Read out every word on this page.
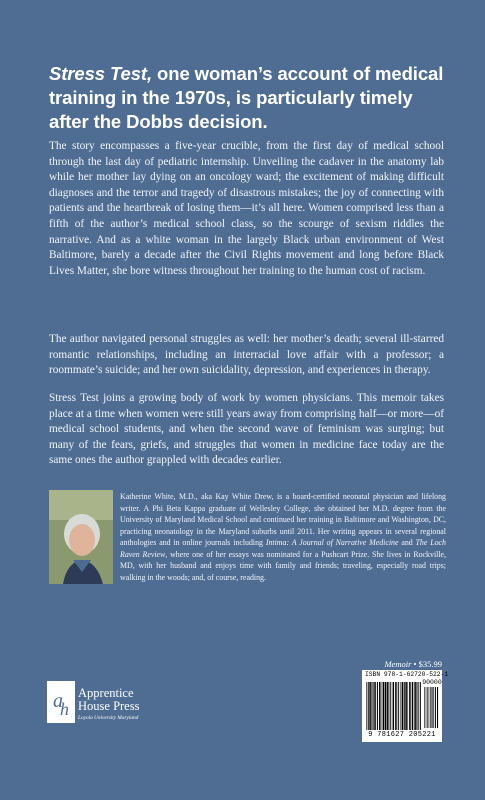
Stress Test, one woman’s account of medical training in the 1970s, is particularly timely after the Dobbs decision.

The story encompasses a five-year crucible, from the first day of medical school through the last day of pediatric internship. Unveiling the cadaver in the anatomy lab while her mother lay dying on an oncology ward; the excitement of making difficult diagnoses and the terror and tragedy of disastrous mistakes; the joy of connecting with patients and the heartbreak of losing them—it’s all here. Women comprised less than a fifth of the author’s medical school class, so the scourge of sexism riddles the narrative. And as a white woman in the largely Black urban environment of West Baltimore, barely a decade after the Civil Rights movement and long before Black Lives Matter, she bore witness throughout her training to the human cost of racism.

The author navigated personal struggles as well: her mother’s death; several ill-starred romantic relationships, including an interracial love affair with a professor; a roommate’s suicide; and her own suicidality, depression, and experiences in therapy.

Stress Test joins a growing body of work by women physicians. This memoir takes place at a time when women were still years away from comprising half—or more—of medical school students, and when the second wave of feminism was surging; but many of the fears, griefs, and struggles that women in medicine face today are the same ones the author grappled with decades earlier.

Katherine White, M.D., aka Kay White Drew, is a board-certified neonatal physician and lifelong writer. A Phi Beta Kappa graduate of Wellesley College, she obtained her M.D. degree from the University of Maryland Medical School and continued her training in Baltimore and Washington, DC, practicing neonatology in the Maryland suburbs until 2011. Her writing appears in several regional anthologies and in online journals including Intima: A Journal of Narrative Medicine and The Loch Raven Review, where one of her essays was nominated for a Pushcart Prize. She lives in Rockville, MD, with her husband and enjoys time with family and friends; traveling, especially road trips; walking in the woods; and, of course, reading.

Memoir • $35.99
90000
ISBN 978-1-62720-522-1
9 781627 205221
a
h
Apprentice
House Press
Loyola University Maryland
